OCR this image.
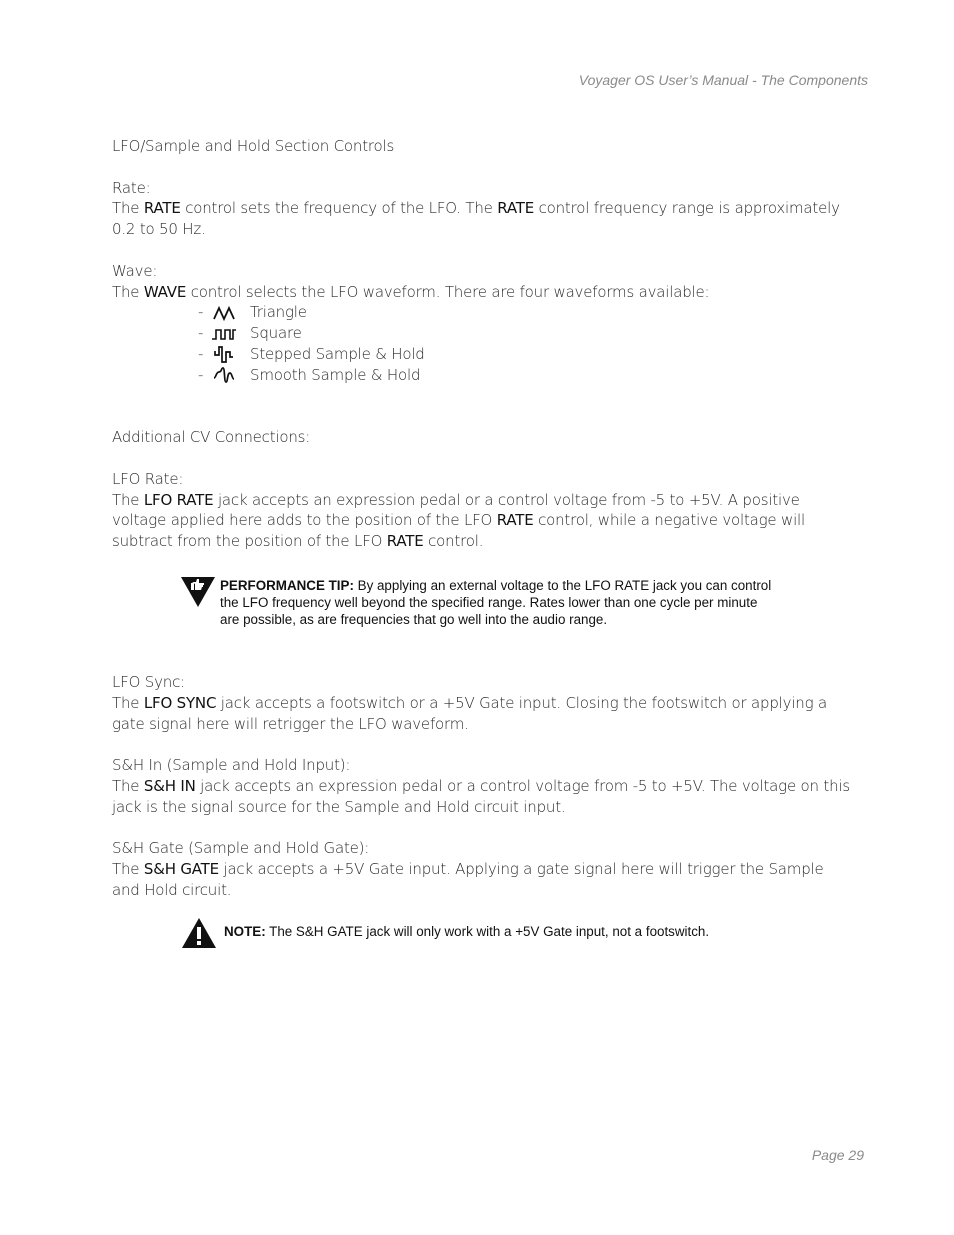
Voyager OS User’s Manual - The Components

LFO/Sample and Hold Section Controls

Rate:

The RATE control sets the frequency of the LFO. The RATE control frequency range is approximately 0.2 to 50 Hz.

Wave:

The WAVE control selects the LFO waveform. There are four waveforms available:

-	Triangle
-	Square
-	Stepped Sample & Hold
-	Smooth Sample & Hold

Additional CV Connections:

LFO Rate:

The LFO RATE jack accepts an expression pedal or a control voltage from -5 to +5V. A positive voltage applied here adds to the position of the LFO RATE control, while a negative voltage will subtract from the position of the LFO RATE control.

PERFORMANCE TIP: By applying an external voltage to the LFO RATE jack you can control the LFO frequency well beyond the specified range. Rates lower than one cycle per minute are possible, as are frequencies that go well into the audio range.

LFO Sync:

The LFO SYNC jack accepts a footswitch or a +5V Gate input. Closing the footswitch or applying a gate signal here will retrigger the LFO waveform.

S&H In (Sample and Hold Input):

The S&H IN jack accepts an expression pedal or a control voltage from -5 to +5V. The voltage on this jack is the signal source for the Sample and Hold circuit input.

S&H Gate (Sample and Hold Gate):

The S&H GATE jack accepts a +5V Gate input. Applying a gate signal here will trigger the Sample and Hold circuit.

NOTE: The S&H GATE jack will only work with a +5V Gate input, not a footswitch.
Page 29
